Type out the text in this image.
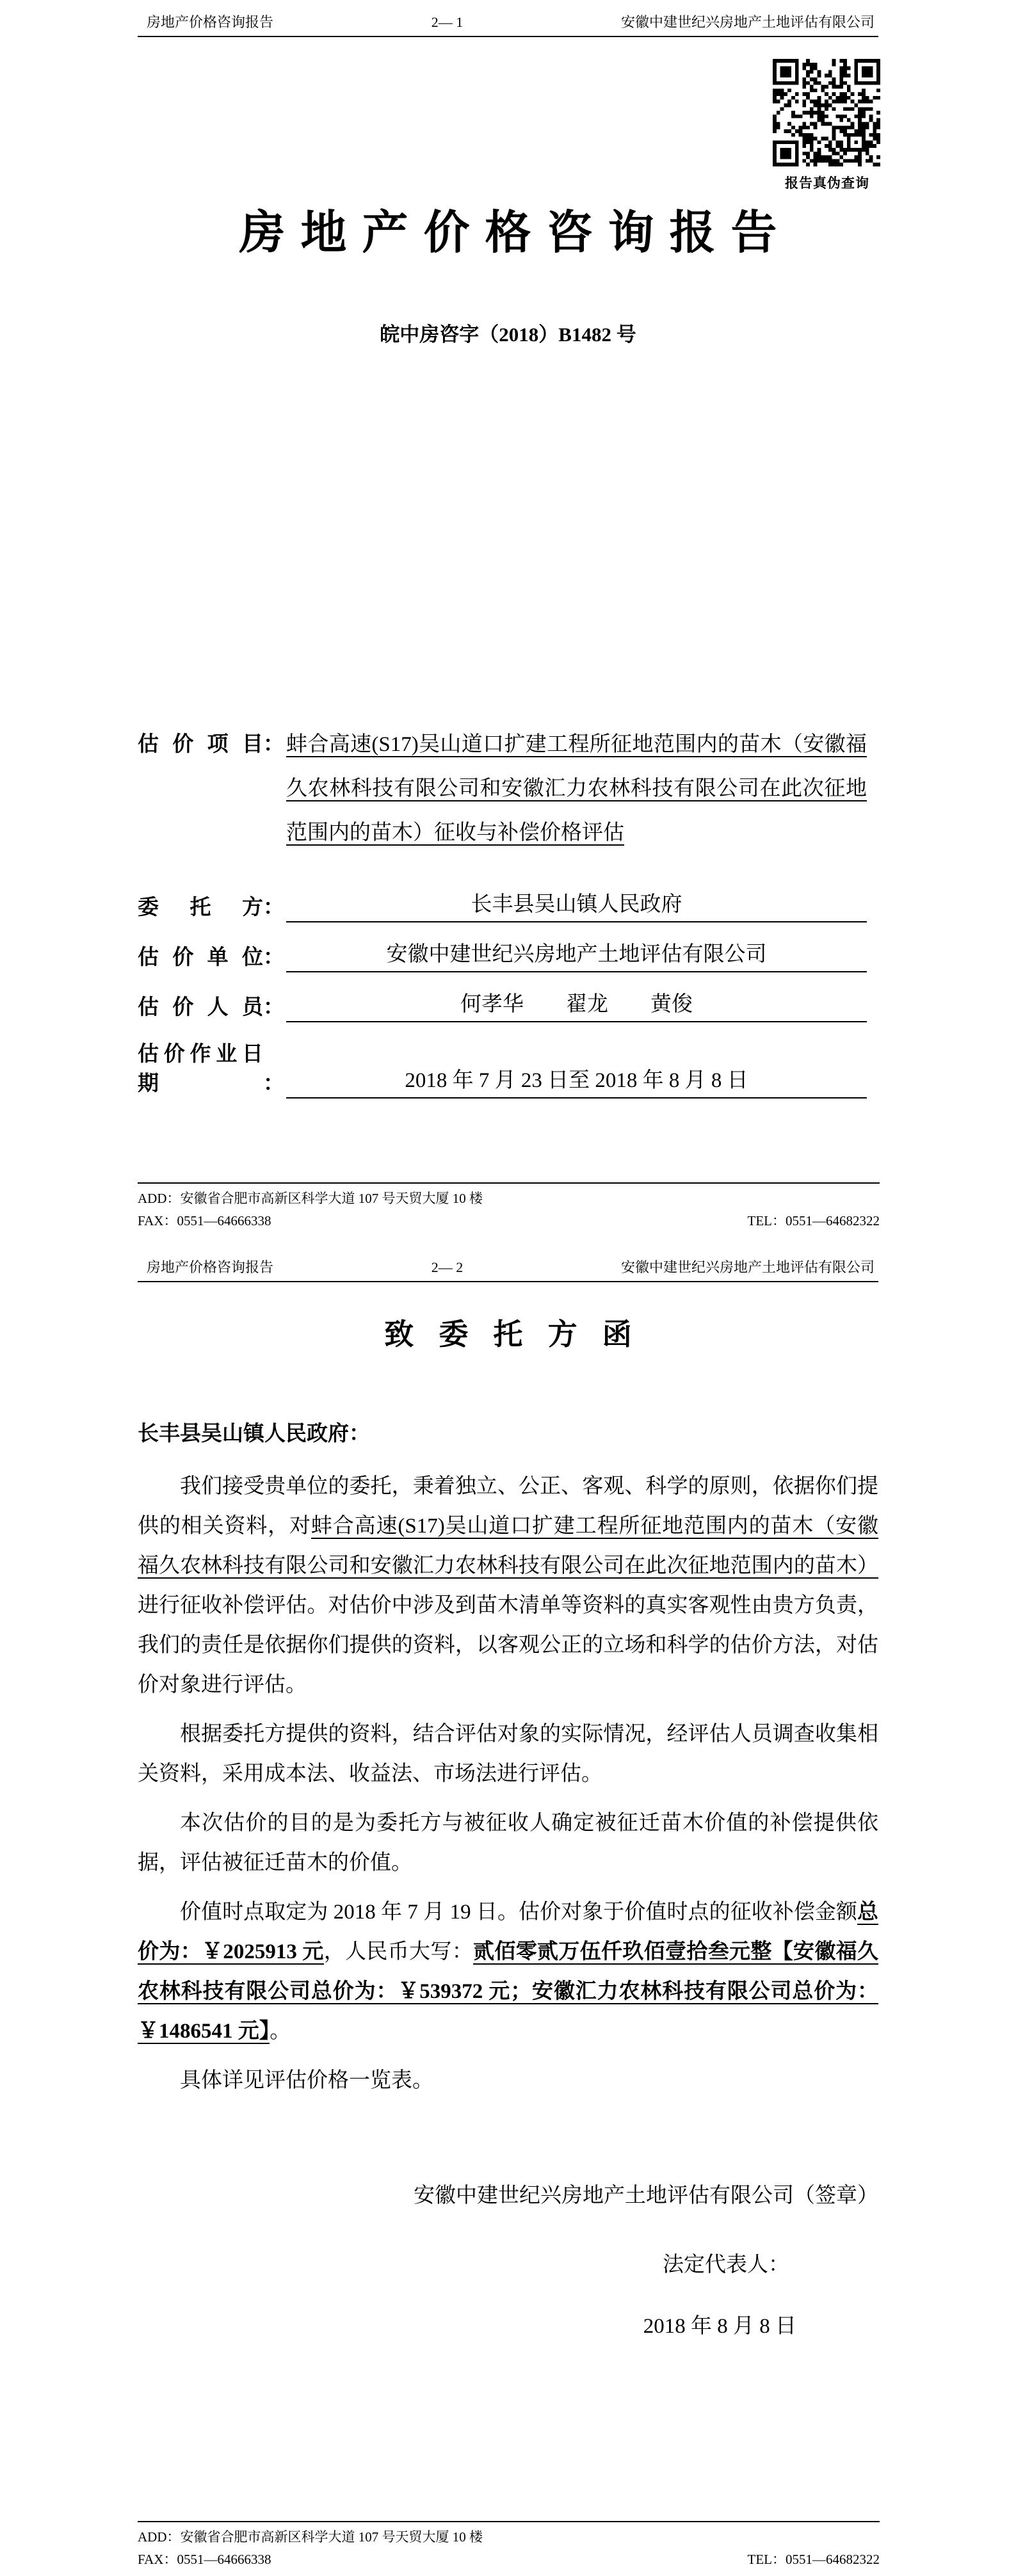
房地产价格咨询报告	2— 1	安徽中建世纪兴房地产土地评估有限公司
报告真伪查询
房地产价格咨询报告
皖中房咨字（2018）B1482 号
估价项目 ： 蚌合高速(S17)吴山道口扩建工程所征地范围内的苗木（安徽福久农林科技有限公司和安徽汇力农林科技有限公司在此次征地范围内的苗木）征收与补偿价格评估
委托方 ：	长丰县吴山镇人民政府
估价单位 ：	安徽中建世纪兴房地产土地评估有限公司
估价人员 ：	何孝华　　翟龙　　黄俊
估价作业日期	：	2018 年 7 月 23 日至 2018 年 8 月 8 日
ADD：安徽省合肥市高新区科学大道 107 号天贸大厦 10 楼
FAX：0551—64666338	TEL：0551—64682322
房地产价格咨询报告	2— 2	安徽中建世纪兴房地产土地评估有限公司
致委托方函
长丰县吴山镇人民政府：

我们接受贵单位的委托，秉着独立、公正、客观、科学的原则，依据你们提供的相关资料，对蚌合高速(S17)吴山道口扩建工程所征地范围内的苗木（安徽福久农林科技有限公司和安徽汇力农林科技有限公司在此次征地范围内的苗木）进行征收补偿评估。对估价中涉及到苗木清单等资料的真实客观性由贵方负责，我们的责任是依据你们提供的资料，以客观公正的立场和科学的估价方法，对估价对象进行评估。

根据委托方提供的资料，结合评估对象的实际情况，经评估人员调查收集相关资料，采用成本法、收益法、市场法进行评估。

本次估价的目的是为委托方与被征收人确定被征迁苗木价值的补偿提供依据，评估被征迁苗木的价值。

价值时点取定为 2018 年 7 月 19 日。估价对象于价值时点的征收补偿金额总价为：￥2025913 元，人民币大写：贰佰零贰万伍仟玖佰壹拾叁元整【安徽福久农林科技有限公司总价为：￥539372 元；安徽汇力农林科技有限公司总价为：￥1486541 元】。

具体详见评估价格一览表。

安徽中建世纪兴房地产土地评估有限公司（签章）
法定代表人：
2018 年 8 月 8 日
ADD：安徽省合肥市高新区科学大道 107 号天贸大厦 10 楼
FAX：0551—64666338	TEL：0551—64682322
